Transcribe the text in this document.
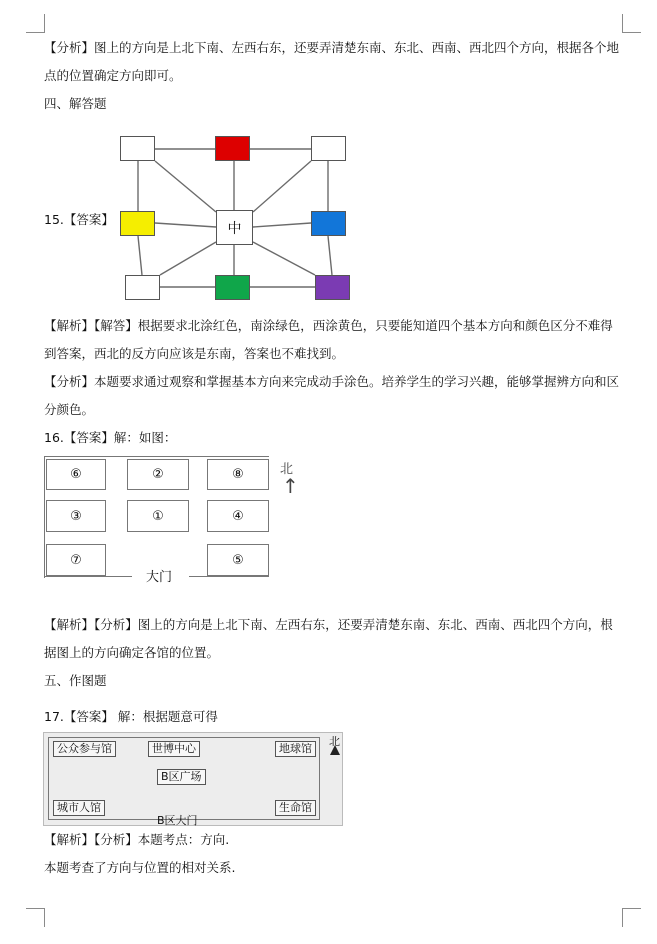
【分析】图上的方向是上北下南、左西右东，还要弄清楚东南、东北、西南、西北四个方向，根据各个地
点的位置确定方向即可。
四、解答题
15.【答案】
中
【解析】【解答】根据要求北涂红色，南涂绿色，西涂黄色，只要能知道四个基本方向和颜色区分不难得
到答案，西北的反方向应该是东南，答案也不难找到。
【分析】本题要求通过观察和掌握基本方向来完成动手涂色。培养学生的学习兴趣，能够掌握辨方向和区
分颜色。
16.【答案】解：如图：
⑥	②	⑧
③	①	④
⑦	⑤
大门
北
↑
【解析】【分析】图上的方向是上北下南、左西右东，还要弄清楚东南、东北、西南、西北四个方向，根
据图上的方向确定各馆的位置。
五、作图题
17.【答案】 解：根据题意可得
公众参与馆	世博中心	地球馆
B区广场
城市人馆	生命馆
B区大门
北
【解析】【分析】本题考点：方向.
本题考查了方向与位置的相对关系.
